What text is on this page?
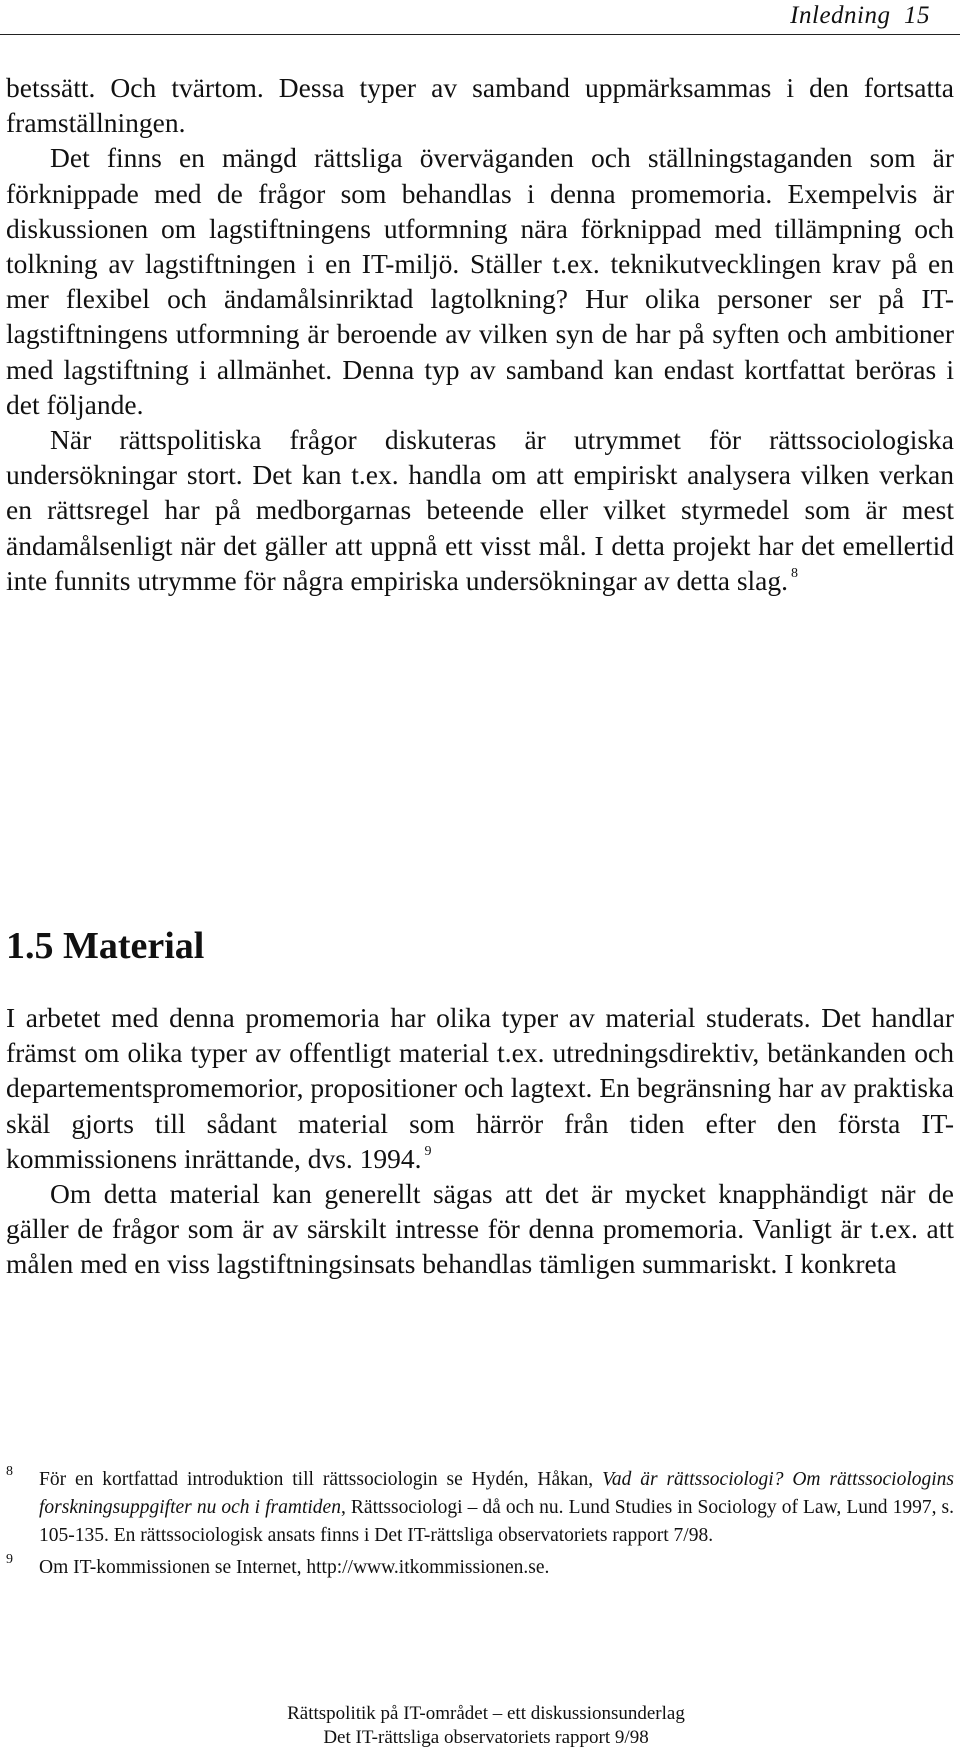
Inledning 15

betssätt. Och tvärtom. Dessa typer av samband uppmärksammas i den fortsatta framställningen.

Det finns en mängd rättsliga överväganden och ställningstaganden som är förknippade med de frågor som behandlas i denna promemoria. Exempelvis är diskussionen om lagstiftningens utformning nära förknippad med tillämpning och tolkning av lagstiftningen i en IT-miljö. Ställer t.ex. teknikutvecklingen krav på en mer flexibel och ändamålsinriktad lagtolkning? Hur olika personer ser på IT-lagstiftningens utformning är beroende av vilken syn de har på syften och ambitioner med lagstiftning i allmänhet. Denna typ av samband kan endast kortfattat beröras i det följande.

När rättspolitiska frågor diskuteras är utrymmet för rättssociologiska undersökningar stort. Det kan t.ex. handla om att empiriskt analysera vilken verkan en rättsregel har på medborgarnas beteende eller vilket styrmedel som är mest ändamålsenligt när det gäller att uppnå ett visst mål. I detta projekt har det emellertid inte funnits utrymme för några empiriska undersökningar av detta slag. $^8$

1.5 Material

I arbetet med denna promemoria har olika typer av material studerats. Det handlar främst om olika typer av offentligt material t.ex. utredningsdirektiv, betänkanden och departementspromemorior, propositioner och lagtext. En begränsning har av praktiska skäl gjorts till sådant material som härrör från tiden efter den första IT-kommissionens inrättande, dvs. 1994. $^9$

Om detta material kan generellt sägas att det är mycket knapphändigt när de gäller de frågor som är av särskilt intresse för denna promemoria. Vanligt är t.ex. att målen med en viss lagstiftningsinsats behandlas tämligen summariskt. I konkreta

8 För en kortfattad introduktion till rättssociologin se Hydén, Håkan, Vad är rättssociologi? Om rättssociologins forskningsuppgifter nu och i framtiden, Rättssociologi – då och nu. Lund Studies in Sociology of Law, Lund 1997, s. 105-135. En rättssociologisk ansats finns i Det IT-rättsliga observatoriets rapport 7/98.

9 Om IT-kommissionen se Internet, http://www.itkommissionen.se.

Rättspolitik på IT-området – ett diskussionsunderlag
Det IT-rättsliga observatoriets rapport 9/98
